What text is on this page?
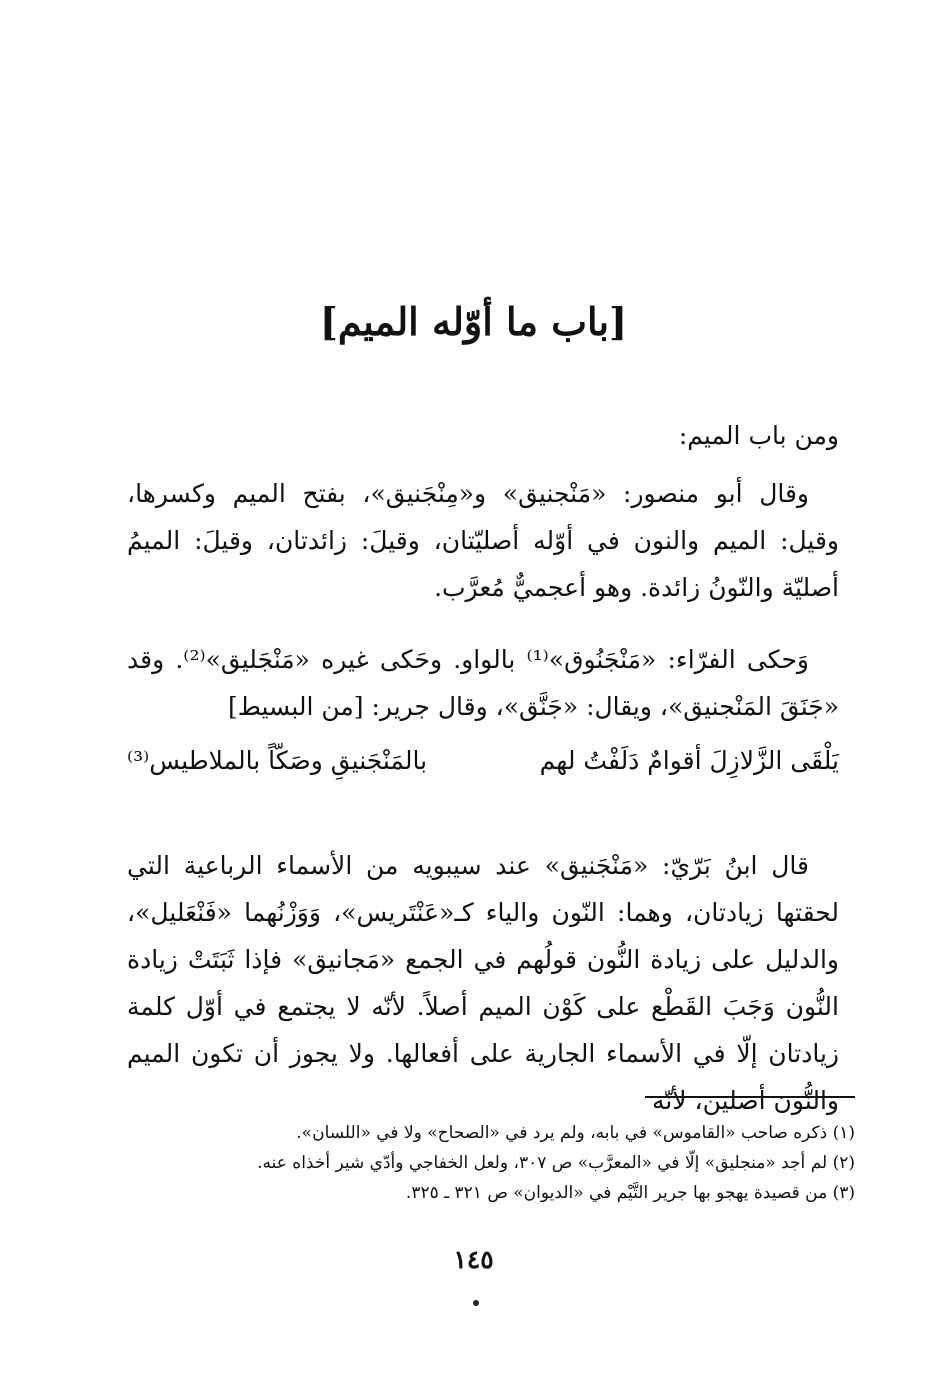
[باب ما أوّله الميم]
ومن باب الميم:
وقال أبو منصور: «مَنْجنيق» و«مِنْجَنيق»، بفتح الميم وكسرها، وقيل: الميم والنون في أوّله أصليّتان، وقيلَ: زائدتان، وقيلَ: الميمُ أصليّة والنّونُ زائدة. وهو أعجميٌّ مُعرَّب.
وَحكى الفرّاء: «مَنْجَنُوق»⁽¹⁾ بالواو. وحَكى غيره «مَنْجَليق»⁽²⁾. وقد «جَنَقَ المَنْجنيق»، ويقال: «جَنَّق»، وقال جرير: [من البسيط]
يَلْقَى الزَّلازِلَ أقوامٌ دَلَفْتُ لهم
بالمَنْجَنيقِ وصَكّاً بالملاطيس⁽³⁾
قال ابنُ بَرّيّ: «مَنْجَنيق» عند سيبويه من الأسماء الرباعية التي لحقتها زيادتان، وهما: النّون والياء كـ«عَنْتَريس»، وَوَزْنُهما «فَنْعَليل»، والدليل على زيادة النُّون قولُهم في الجمع «مَجانيق» فإذا ثَبَتَتْ زيادة النُّون وَجَبَ القَطْع على كَوْن الميم أصلاً. لأنّه لا يجتمع في أوّل كلمة زيادتان إلّا في الأسماء الجارية على أفعالها. ولا يجوز أن تكون الميم والنُّون أصلين، لأنّه
(١) ذكره صاحب «القاموس» في بابه، ولم يرد في «الصحاح» ولا في «اللسان».
(٢) لم أجد «منجليق» إلّا في «المعرَّب» ص ٣٠٧، ولعل الخفاجي وأدّي شير أخذاه عنه.
(٣) من قصيدة يهجو بها جرير التَّيْم في «الديوان» ص ٣٢١ ـ ٣٢٥.
١٤٥
